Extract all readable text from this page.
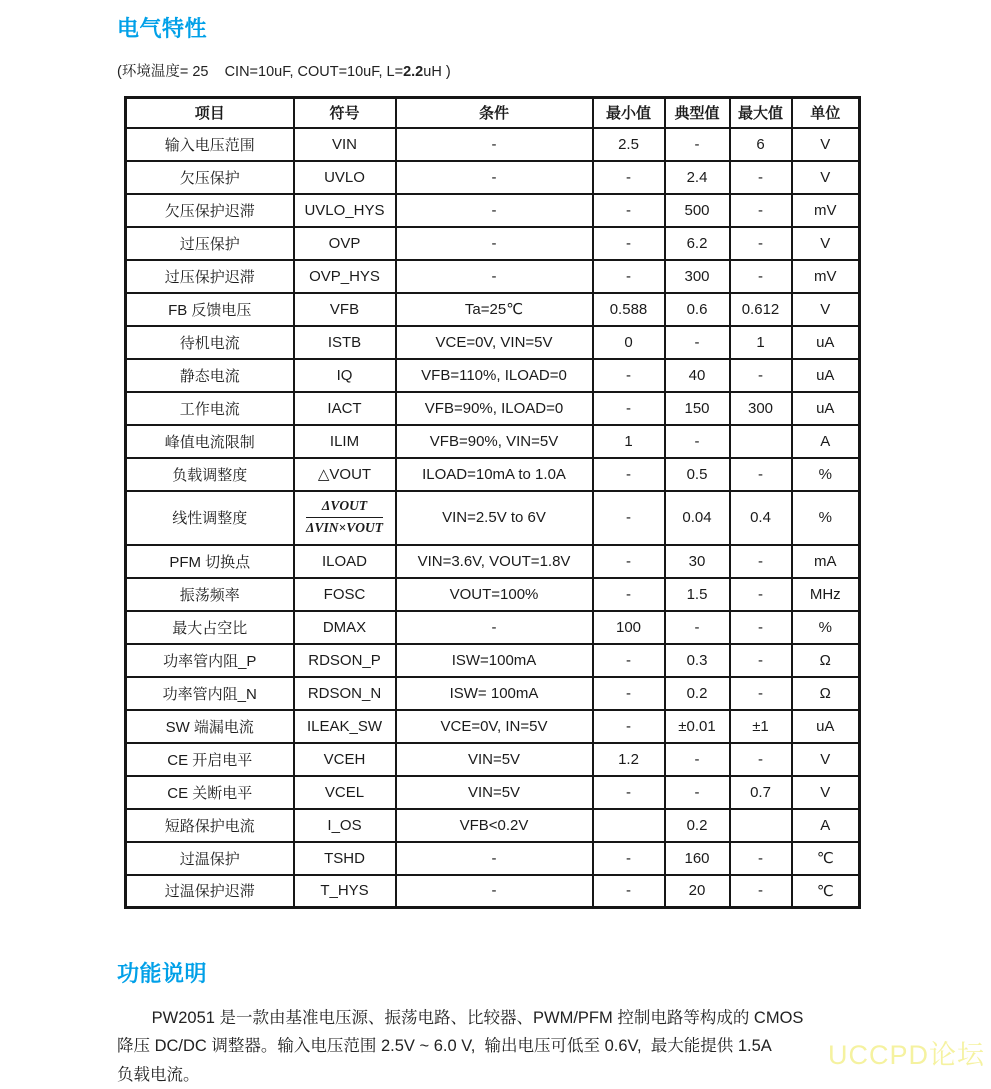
电气特性
(环境温度= 25    CIN=10uF, COUT=10uF, L=2.2uH )
项目	符号	条件	最小值	典型值	最大值	单位
输入电压范围	VIN	-	2.5	-	6	V
欠压保护	UVLO	-	-	2.4	-	V
欠压保护迟滞	UVLO_HYS	-	-	500	-	mV
过压保护	OVP	-	-	6.2	-	V
过压保护迟滞	OVP_HYS	-	-	300	-	mV
FB 反馈电压	VFB	Ta=25℃	0.588	0.6	0.612	V
待机电流	ISTB	VCE=0V, VIN=5V	0	-	1	uA
静态电流	IQ	VFB=110%, ILOAD=0	-	40	-	uA
工作电流	IACT	VFB=90%, ILOAD=0	-	150	300	uA
峰值电流限制	ILIM	VFB=90%, VIN=5V	1	-		A
负载调整度	△VOUT	ILOAD=10mA to 1.0A	-	0.5	-	%
线性调整度	$\frac{\text{ΔVOUT}}{\text{ΔVIN×VOUT}}$	VIN=2.5V to 6V	-	0.04	0.4	%
PFM 切换点	ILOAD	VIN=3.6V, VOUT=1.8V	-	30	-	mA
振荡频率	FOSC	VOUT=100%	-	1.5	-	MHz
最大占空比	DMAX	-	100	-	-	%
功率管内阻_P	RDSON_P	ISW=100mA	-	0.3	-	Ω
功率管内阻_N	RDSON_N	ISW= 100mA	-	0.2	-	Ω
SW 端漏电流	ILEAK_SW	VCE=0V, IN=5V	-	±0.01	±1	uA
CE 开启电平	VCEH	VIN=5V	1.2	-	-	V
CE 关断电平	VCEL	VIN=5V	-	-	0.7	V
短路保护电流	I_OS	VFB<0.2V		0.2		A
过温保护	TSHD	-	-	160	-	℃
过温保护迟滞	T_HYS	-	-	20	-	℃
功能说明
PW2051 是一款由基准电压源、振荡电路、比较器、PWM/PFM 控制电路等构成的 CMOS
降压 DC/DC 调整器。输入电压范围 2.5V ~ 6.0 V,  输出电压可低至 0.6V,  最大能提供 1.5A
负载电流。
UCCPD论坛
